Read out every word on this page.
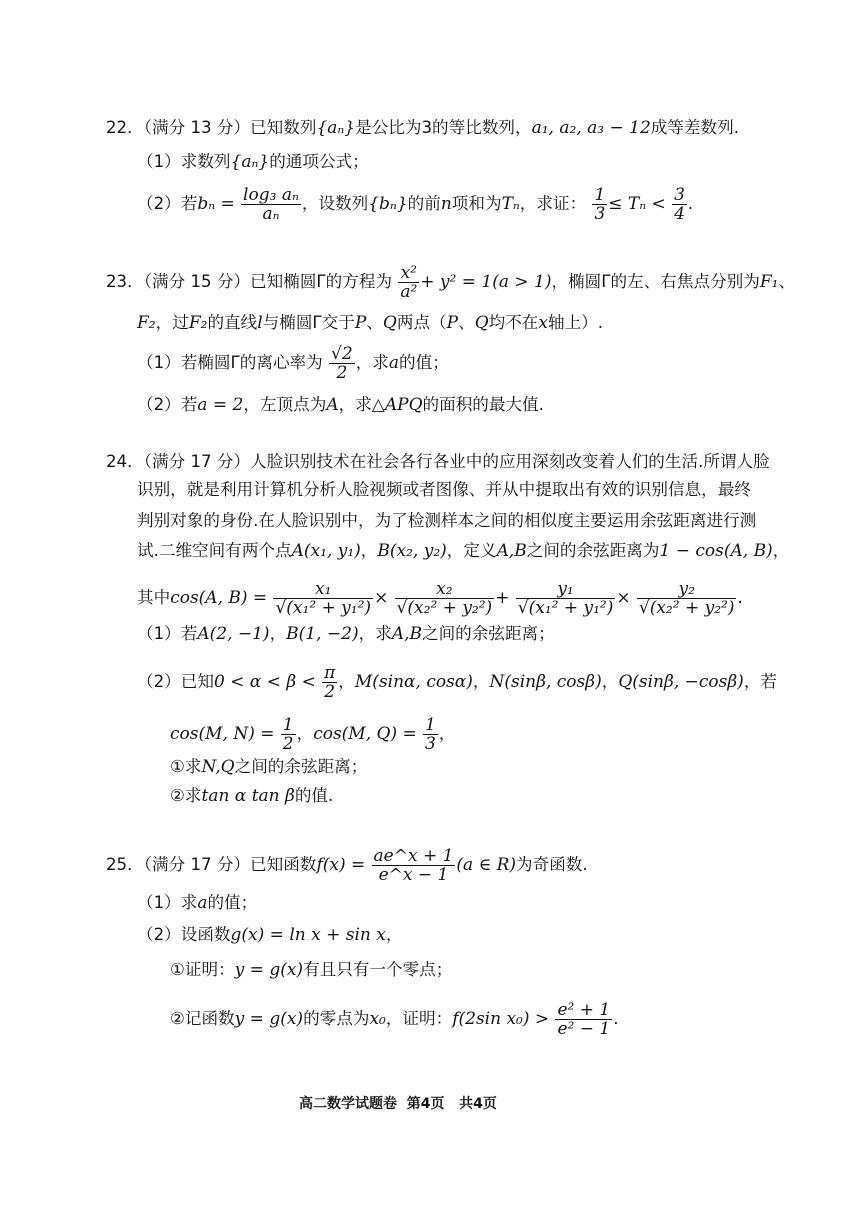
22．（满分 13 分）已知数列{aₙ}是公比为3的等比数列，a₁, a₂, a₃ − 12成等差数列.
（1）求数列{aₙ}的通项公式；
（2）若$b_n = \frac{\text{log₃ aₙ}}{\text{aₙ}}$ ，设数列{bₙ}的前n项和为Tₙ，求证： $\frac{1}{3} \le T_n < \frac{3}{4}$ .
23．（满分 15 分）已知椭圆Γ的方程为 $\frac{\text{x²}}{\text{a²}} + y^2 = 1(a > 1)$，椭圆Γ的左、右焦点分别为F₁、
F₂，过F₂的直线l与椭圆Γ交于P、Q两点（P、Q均不在x轴上）.
（1）若椭圆Γ的离心率为 $\frac{√2}{2}$ ，求a的值；
（2）若a = 2，左顶点为A，求△APQ的面积的最大值.
24．（满分 17 分）人脸识别技术在社会各行各业中的应用深刻改变着人们的生活.所谓人脸
识别，就是利用计算机分析人脸视频或者图像、并从中提取出有效的识别信息，最终
判别对象的身份.在人脸识别中，为了检测样本之间的相似度主要运用余弦距离进行测
试.二维空间有两个点A(x₁, y₁)，B(x₂, y₂)，定义A,B之间的余弦距离为1 − cos(A, B)，
其中cos(A, $B) = \frac{\text{x₁}}{\text{√(x₁² + y₁²)}} \times \frac{\text{x₂}}{\text{√(x₂² + y₂²)}} + \frac{\text{y₁}}{\text{√(x₁² + y₁²)}} \times \frac{\text{y₂}}{\text{√(x₂² + y₂²)}}$ .
（1）若A(2, −1)，B(1, −2)，求A,B之间的余弦距离；
（2）已知$0 < \alpha < \beta < \frac{\pi}{2}$ ，M(sinα, cosα)，N(sinβ, cosβ)，Q(sinβ, −cosβ)，若
cos(M, $N) = \frac{1}{2}$ ，cos(M, $Q) = \frac{1}{3}$ ，
①求N,Q之间的余弦距离；
②求tan α tan β的值.
25．（满分 17 分）已知函数$f(x) = \frac{ae\^{}x + 1}{e\^{}x - 1} (a$ ∈ R)为奇函数.
（1）求a的值；
（2）设函数g(x) = ln x + sin x，
①证明：y = g(x)有且只有一个零点；
②记函数y = g(x)的零点为x₀，证明：f(2sin $x_0) > \frac{\text{e² + 1}}{\text{e² − 1}}$ .
高二数学试题卷 第4页 共4页
